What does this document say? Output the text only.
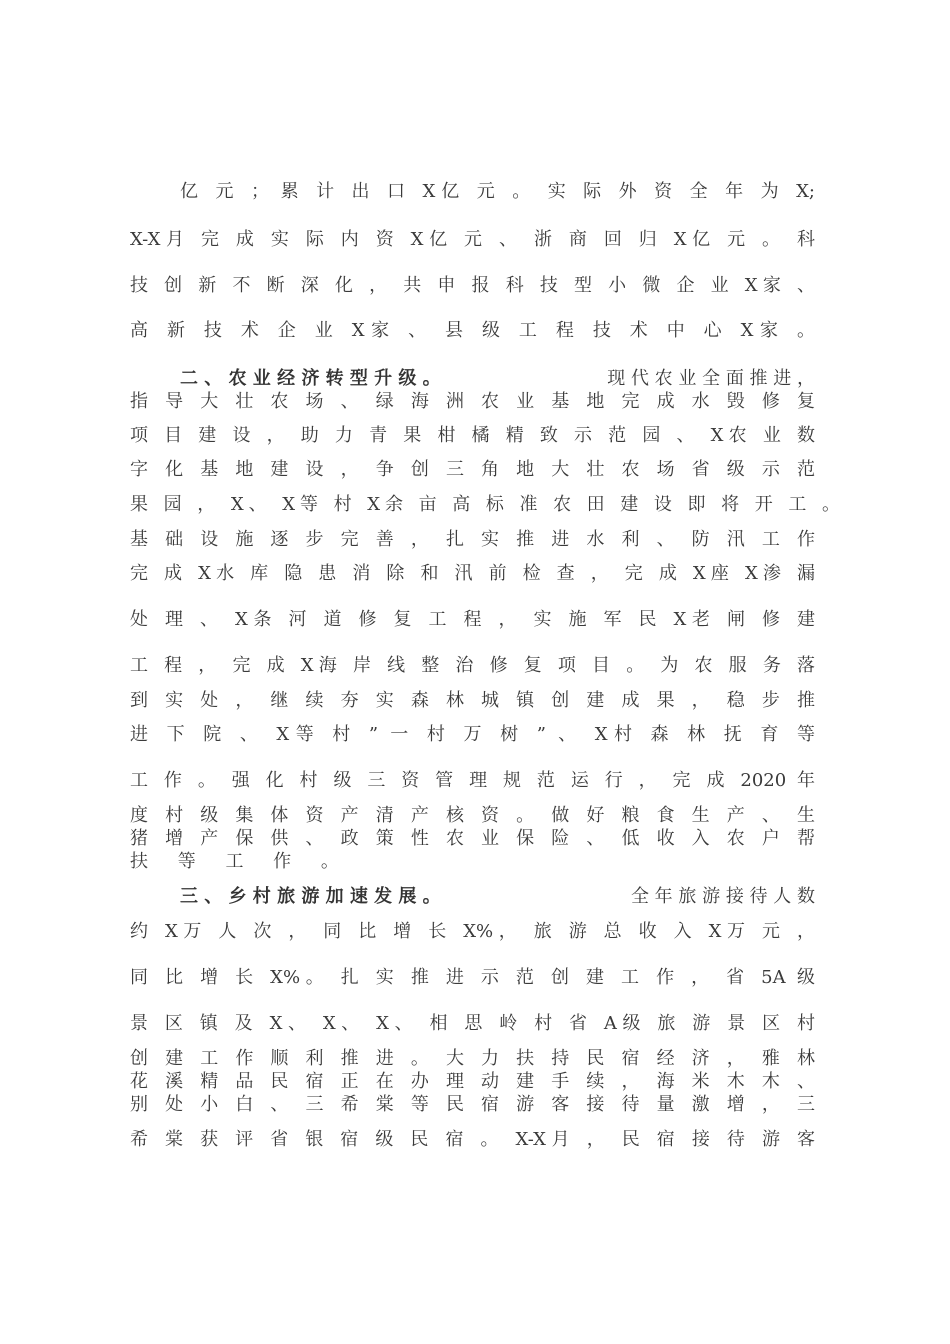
亿 元 ； 累 计 出 口 X亿 元 。 实 际 外 资 全 年 为 X;
X-X月 完 成 实 际 内 资 X亿 元 、 浙 商 回 归 X亿 元 。 科
技 创 新 不 断 深 化 ， 共 申 报 科 技 型 小 微 企 业 X家 、
高 新 技 术 企 业 X家 、 县 级 工 程 技 术 中 心 X家 。
二 、 农 业 经 济 转 型 升 级 。	现 代 农 业 全 面 推 进 ，
指 导 大 壮 农 场 、 绿 海 洲 农 业 基 地 完 成 水 毁 修 复
项 目 建 设 ， 助 力 青 果 柑 橘 精 致 示 范 园 、 X农 业 数
字 化 基 地 建 设 ， 争 创 三 角 地 大 壮 农 场 省 级 示 范
果 园 ， X、 X等 村 X余 亩 高 标 准 农 田 建 设 即 将 开 工 。
基 础 设 施 逐 步 完 善 ， 扎 实 推 进 水 利 、 防 汛 工 作
完 成 X水 库 隐 患 消 除 和 汛 前 检 查 ， 完 成 X座 X渗 漏
处 理 、 X条 河 道 修 复 工 程 ， 实 施 军 民 X老 闸 修 建
工 程 ， 完 成 X海 岸 线 整 治 修 复 项 目 。 为 农 服 务 落
到 实 处 ， 继 续 夯 实 森 林 城 镇 创 建 成 果 ， 稳 步 推
进 下 院 、 X等 村 ” 一 村 万 树 ” 、 X村 森 林 抚 育 等
工 作 。 强 化 村 级 三 资 管 理 规 范 运 行 ， 完 成 2020 年
度 村 级 集 体 资 产 清 产 核 资 。 做 好 粮 食 生 产 、 生
猪 增 产 保 供 、 政 策 性 农 业 保 险 、 低 收 入 农 户 帮
扶 等 工 作 。
三 、 乡 村 旅 游 加 速 发 展 。	全 年 旅 游 接 待 人 数
约 X万 人 次 ， 同 比 增 长 X%， 旅 游 总 收 入 X万 元 ，
同 比 增 长 X%。 扎 实 推 进 示 范 创 建 工 作 ， 省 5A 级
景 区 镇 及 X、 X、 X、 相 思 岭 村 省 A级 旅 游 景 区 村
创 建 工 作 顺 利 推 进 。 大 力 扶 持 民 宿 经 济 ， 雅 林
花 溪 精 品 民 宿 正 在 办 理 动 建 手 续 ， 海 米 木 木 、
别 处 小 白 、 三 希 棠 等 民 宿 游 客 接 待 量 激 增 ， 三
希 棠 获 评 省 银 宿 级 民 宿 。 X-X月 ， 民 宿 接 待 游 客
